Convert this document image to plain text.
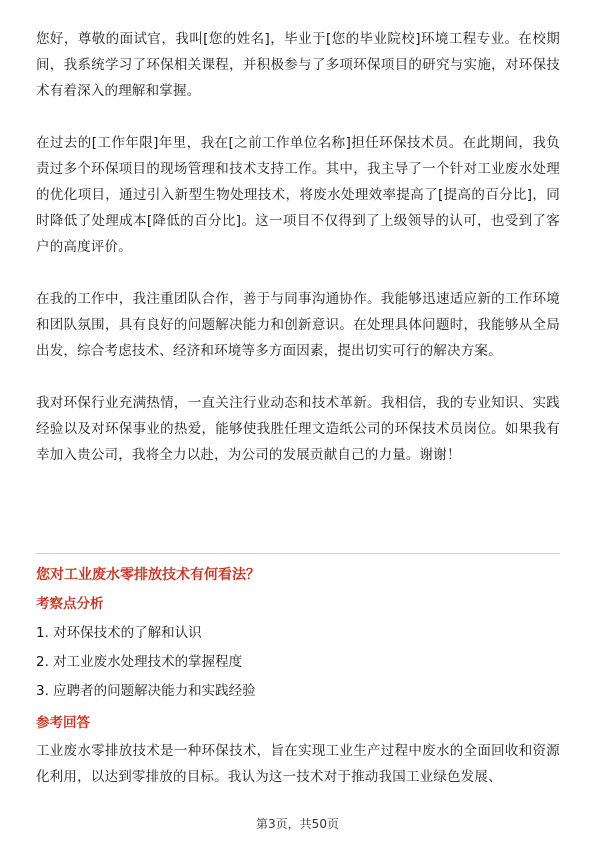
您好，尊敬的面试官，我叫[您的姓名]，毕业于[您的毕业院校]环境工程专业。在校期间，我系统学习了环保相关课程，并积极参与了多项环保项目的研究与实施，对环保技术有着深入的理解和掌握。

在过去的[工作年限]年里，我在[之前工作单位名称]担任环保技术员。在此期间，我负责过多个环保项目的现场管理和技术支持工作。其中，我主导了一个针对工业废水处理的优化项目，通过引入新型生物处理技术，将废水处理效率提高了[提高的百分比]，同时降低了处理成本[降低的百分比]。这一项目不仅得到了上级领导的认可，也受到了客户的高度评价。

在我的工作中，我注重团队合作，善于与同事沟通协作。我能够迅速适应新的工作环境和团队氛围，具有良好的问题解决能力和创新意识。在处理具体问题时，我能够从全局出发，综合考虑技术、经济和环境等多方面因素，提出切实可行的解决方案。

我对环保行业充满热情，一直关注行业动态和技术革新。我相信，我的专业知识、实践经验以及对环保事业的热爱，能够使我胜任理文造纸公司的环保技术员岗位。如果我有幸加入贵公司，我将全力以赴，为公司的发展贡献自己的力量。谢谢！

您对工业废水零排放技术有何看法？

考察点分析

1. 对环保技术的了解和认识
2. 对工业废水处理技术的掌握程度
3. 应聘者的问题解决能力和实践经验

参考回答

工业废水零排放技术是一种环保技术，旨在实现工业生产过程中废水的全面回收和资源化利用，以达到零排放的目标。我认为这一技术对于推动我国工业绿色发展、

第3页，共50页
